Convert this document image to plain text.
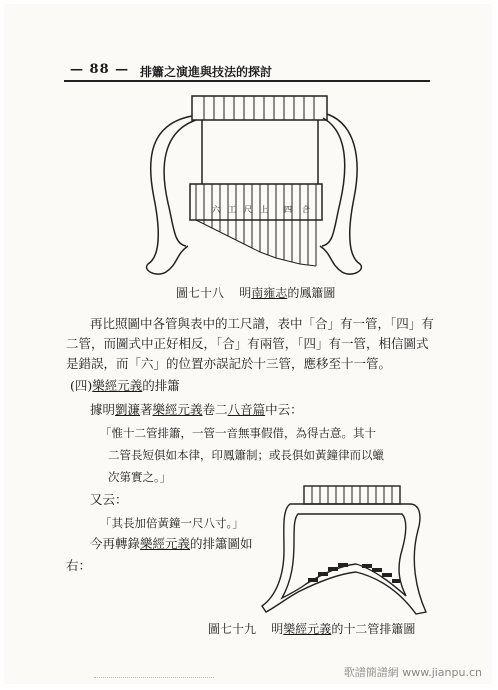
— 88 — 排簫之演進與技法的探討
六 工 尺 上 四 合
圖七十八 明南雍志的鳳簫圖
再比照圖中各管與表中的工尺譜，表中「合」有一管，「四」有
二管，而圖式中正好相反，「合」有兩管，「四」有一管，相信圖式
是錯誤，而「六」的位置亦誤記於十三管，應移至十一管。
(四)樂經元義的排簫
據明劉濂著樂經元義卷二八音篇中云：
「惟十二管排簫，一管一音無事假借，為得古意。其十
二管長短俱如本律，印鳳簫制；或長俱如黃鐘律而以蠟
次第實之。」
又云：
「其長加倍黃鐘一尺八寸。」
今再轉錄樂經元義的排簫圖如
右：
圖七十九 明樂經元義的十二管排簫圖
歌譜簡譜網 www.jianpu.cn
